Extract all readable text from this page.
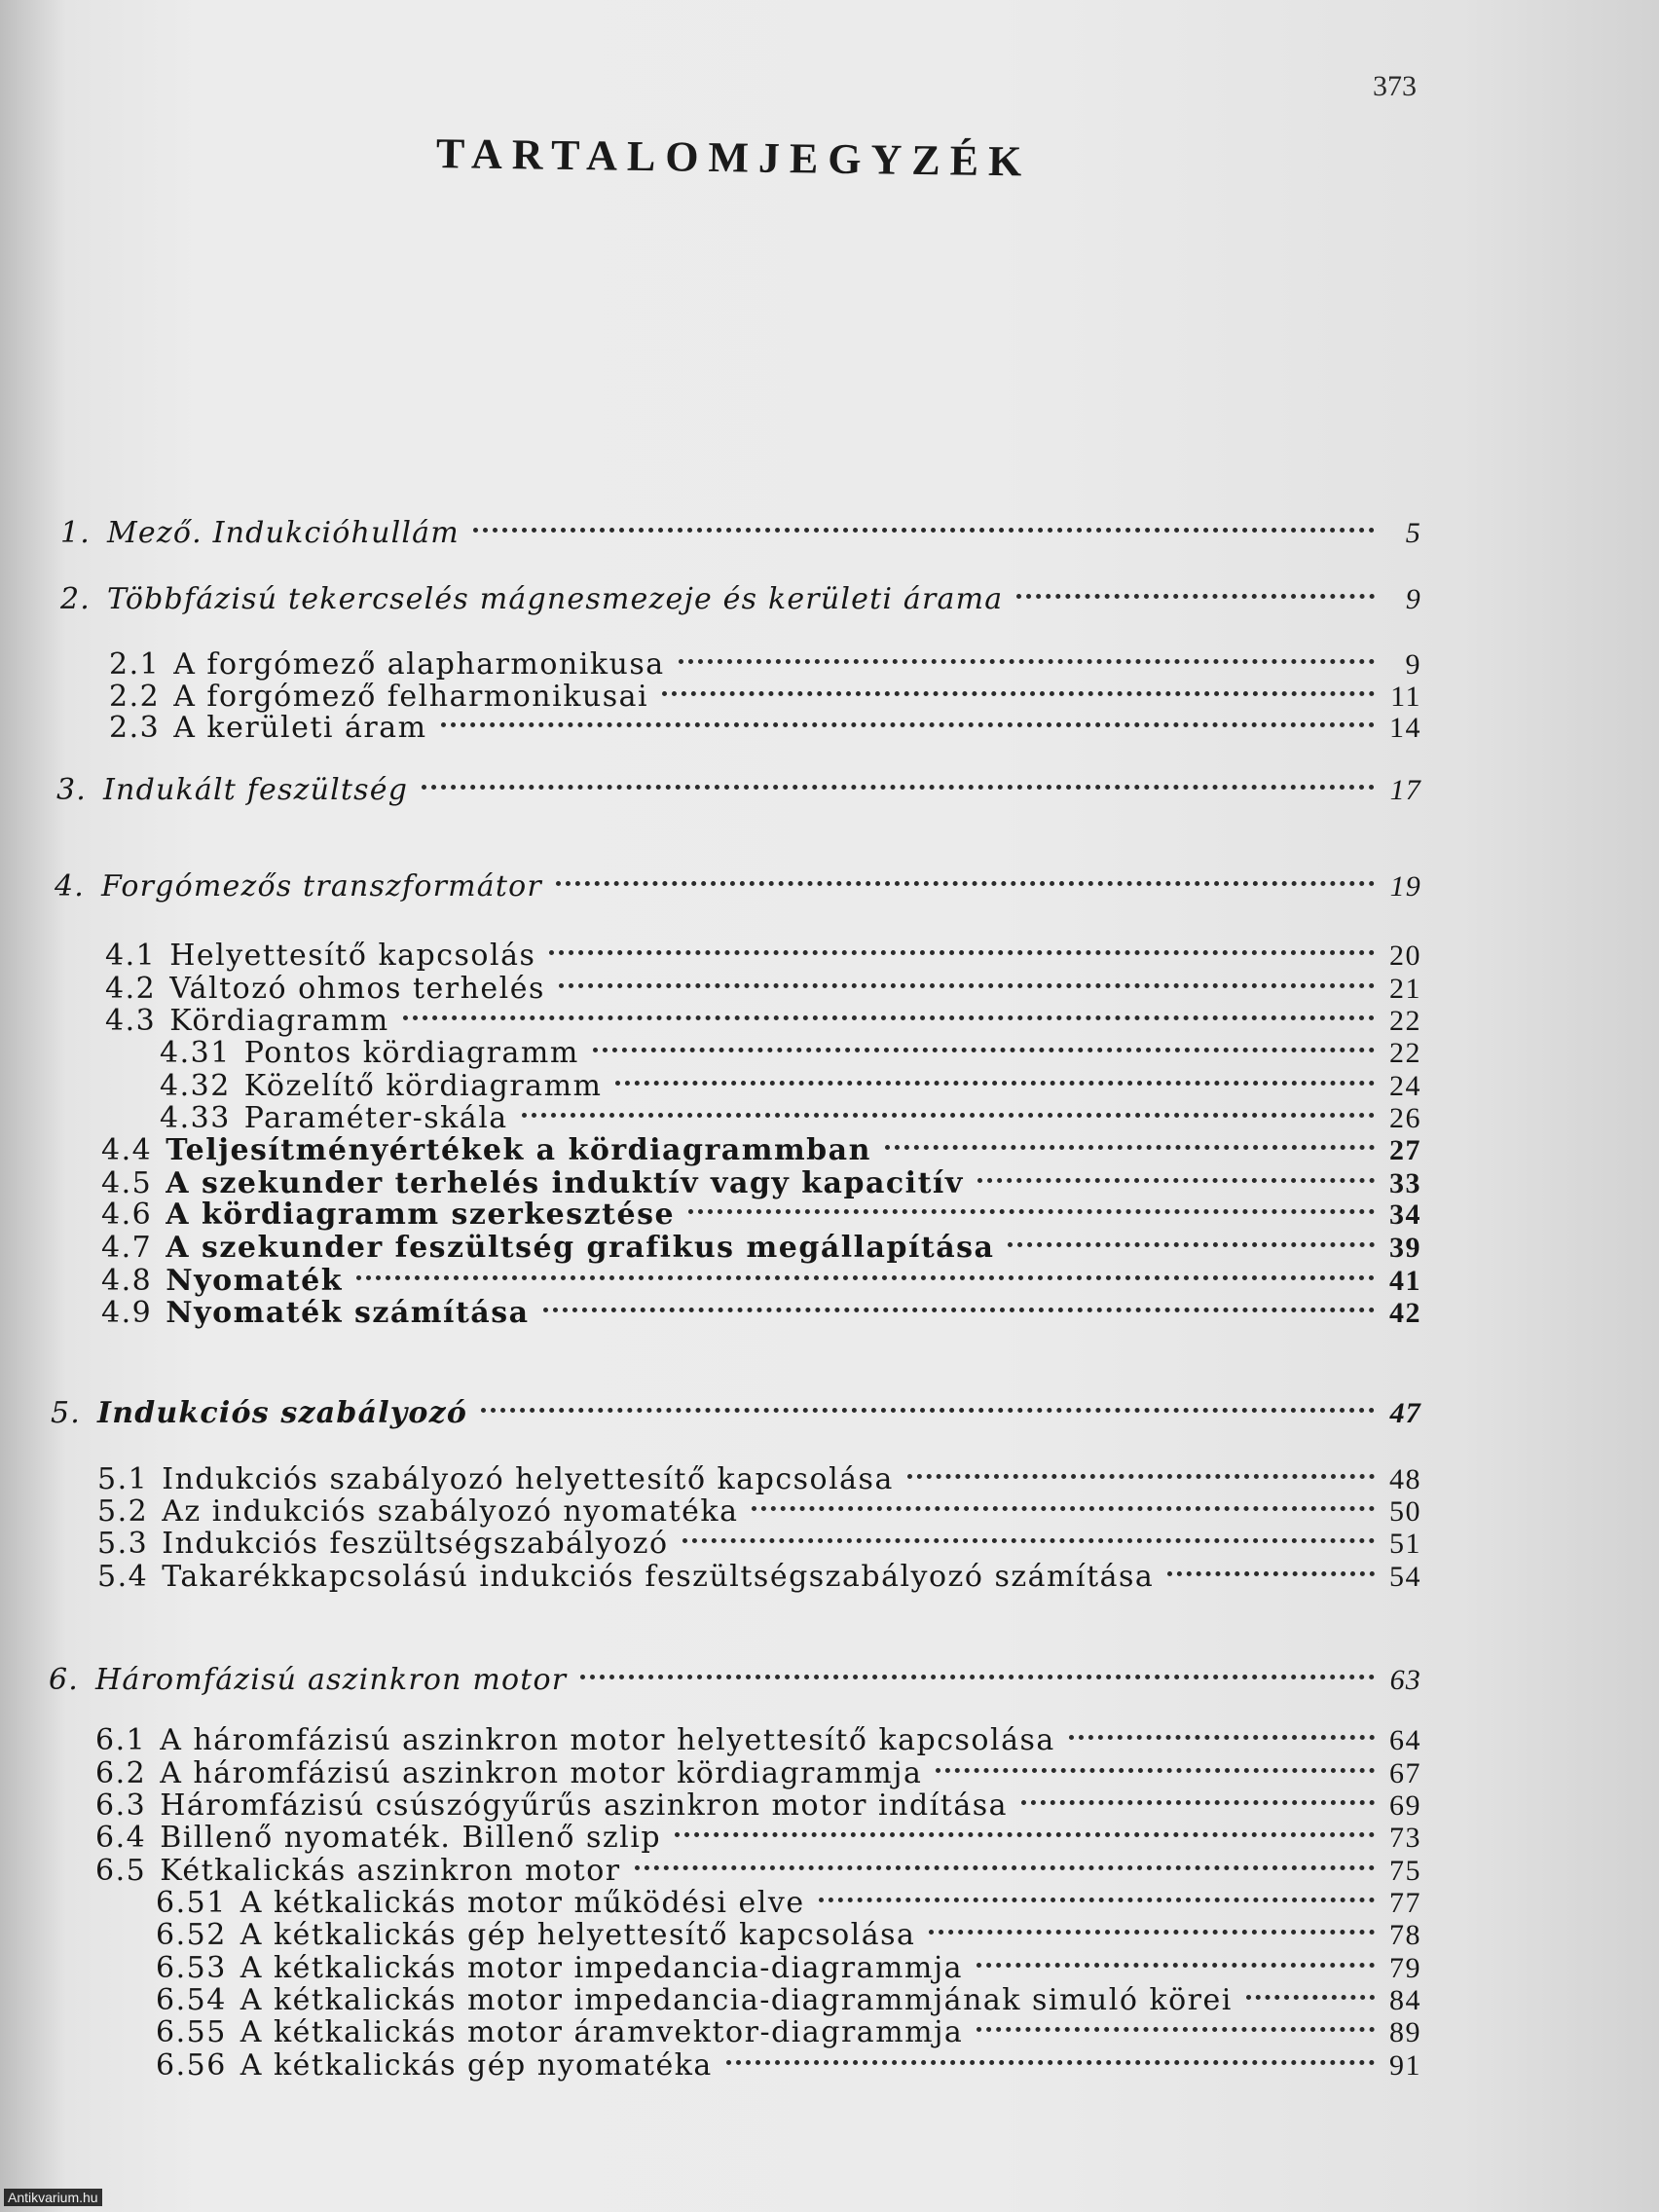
373
TARTALOMJEGYZÉK
1. Mező. Indukcióhullám	5
2. Többfázisú tekercselés mágnesmezeje és kerületi árama	9
2.1 A forgómező alapharmonikusa	9
2.2 A forgómező felharmonikusai	11
2.3 A kerületi áram	14
3. Indukált feszültség	17
4. Forgómezős transzformátor	19
4.1 Helyettesítő kapcsolás	20
4.2 Változó ohmos terhelés	21
4.3 Kördiagramm	22
4.31 Pontos kördiagramm	22
4.32 Közelítő kördiagramm	24
4.33 Paraméter-skála	26
4.4 Teljesítményértékek a kördiagrammban	27
4.5 A szekunder terhelés induktív vagy kapacitív	33
4.6 A kördiagramm szerkesztése	34
4.7 A szekunder feszültség grafikus megállapítása	39
4.8 Nyomaték	41
4.9 Nyomaték számítása	42
5. Indukciós szabályozó	47
5.1 Indukciós szabályozó helyettesítő kapcsolása	48
5.2 Az indukciós szabályozó nyomatéka	50
5.3 Indukciós feszültségszabályozó	51
5.4 Takarékkapcsolású indukciós feszültségszabályozó számítása	54
6. Háromfázisú aszinkron motor	63
6.1 A háromfázisú aszinkron motor helyettesítő kapcsolása	64
6.2 A háromfázisú aszinkron motor kördiagrammja	67
6.3 Háromfázisú csúszógyűrűs aszinkron motor indítása	69
6.4 Billenő nyomaték. Billenő szlip	73
6.5 Kétkalickás aszinkron motor	75
6.51 A kétkalickás motor működési elve	77
6.52 A kétkalickás gép helyettesítő kapcsolása	78
6.53 A kétkalickás motor impedancia-diagrammja	79
6.54 A kétkalickás motor impedancia-diagrammjának simuló körei	84
6.55 A kétkalickás motor áramvektor-diagrammja	89
6.56 A kétkalickás gép nyomatéka	91
Antikvarium.hu
